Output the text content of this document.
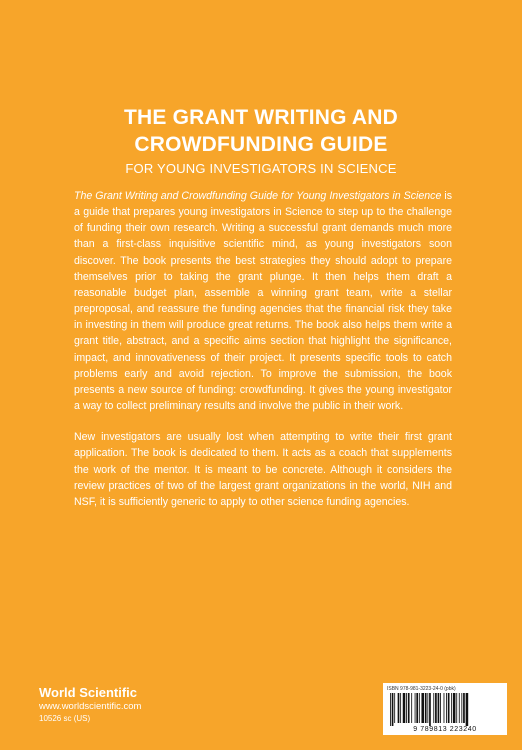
THE GRANT WRITING AND
CROWDFUNDING GUIDE
FOR YOUNG INVESTIGATORS IN SCIENCE

The Grant Writing and Crowdfunding Guide for Young Investigators in Science is a guide that prepares young investigators in Science to step up to the challenge of funding their own research. Writing a successful grant demands much more than a first-class inquisitive scientific mind, as young investigators soon discover. The book presents the best strategies they should adopt to prepare themselves prior to taking the grant plunge. It then helps them draft a reasonable budget plan, assemble a winning grant team, write a stellar preproposal, and reassure the funding agencies that the financial risk they take in investing in them will produce great returns. The book also helps them write a grant title, abstract, and a specific aims section that highlight the significance, impact, and innovativeness of their project. It presents specific tools to catch problems early and avoid rejection. To improve the submission, the book presents a new source of funding: crowdfunding. It gives the young investigator a way to collect preliminary results and involve the public in their work.

New investigators are usually lost when attempting to write their first grant application. The book is dedicated to them. It acts as a coach that supplements the work of the mentor. It is meant to be concrete. Although it considers the review practices of two of the largest grant organizations in the world, NIH and NSF, it is sufficiently generic to apply to other science funding agencies.

World Scientific
www.worldscientific.com
10526 sc (US)
ISBN 978-981-3223-24-0 (pbk)
9 789813 223240
